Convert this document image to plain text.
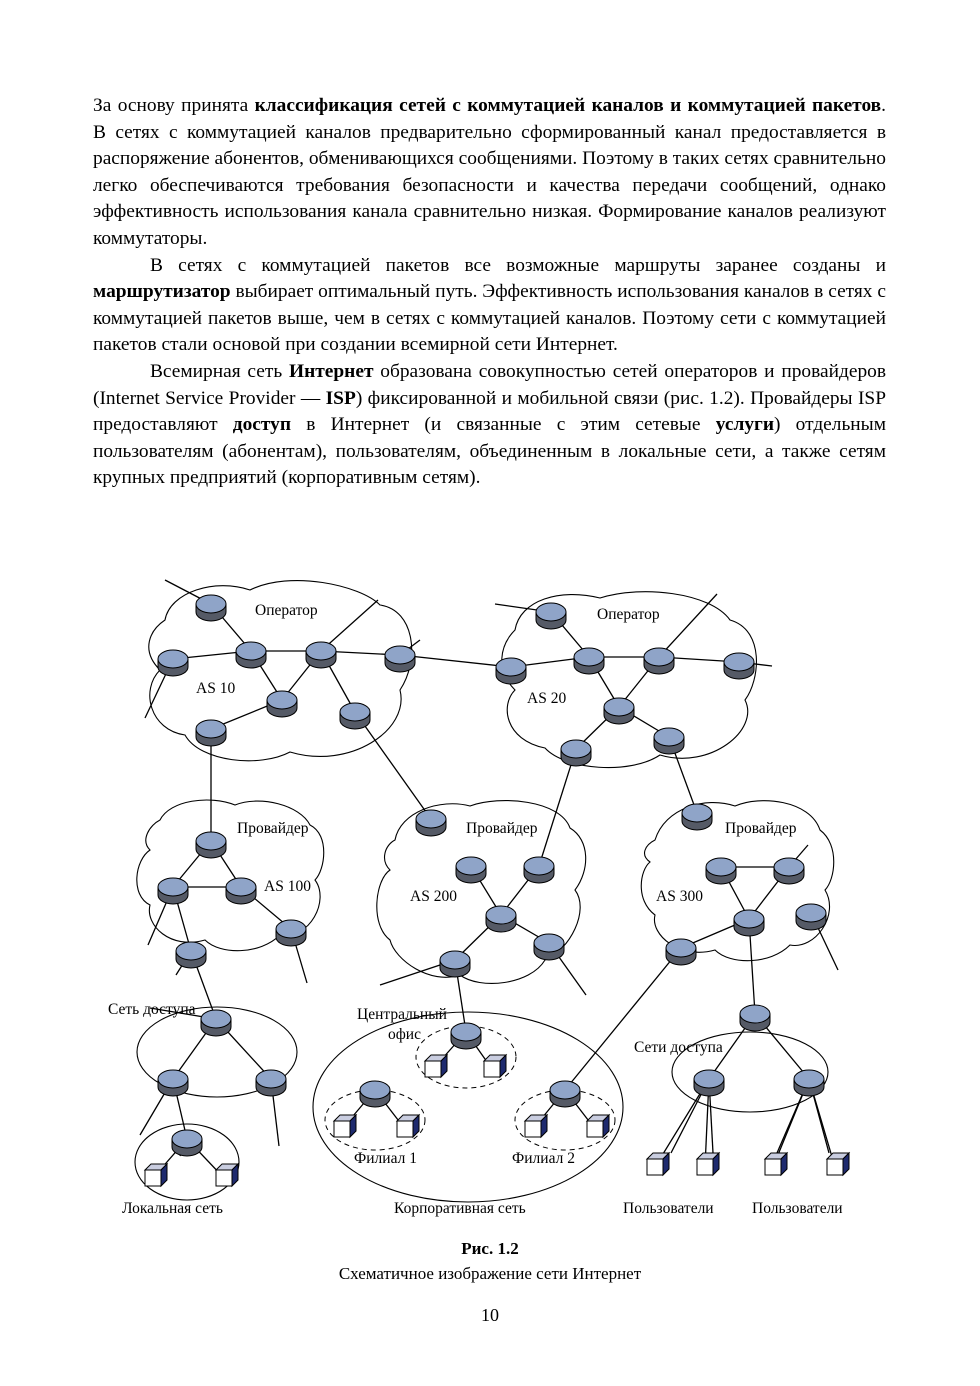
За основу принята классификация сетей с коммутацией каналов и коммутацией пакетов. В сетях с коммутацией каналов предварительно сформированный канал предоставляется в распоряжение абонентов, обменивающихся сообщениями. Поэтому в таких сетях сравнительно легко обеспечиваются требования безопасности и качества передачи сообщений, однако эффективность использования канала сравнительно низкая. Формирование каналов реализуют коммутаторы.

В сетях с коммутацией пакетов все возможные маршруты заранее созданы и маршрутизатор выбирает оптимальный путь. Эффективность использования каналов в сетях с коммутацией пакетов выше, чем в сетях с коммутацией каналов. Поэтому сети с коммутацией пакетов стали основой при создании всемирной сети Интернет.

Всемирная сеть Интернет образована совокупностью сетей операторов и провайдеров (Internet Service Provider — ISP) фиксированной и мобильной связи (рис. 1.2). Провайдеры ISP предоставляют доступ в Интернет (и связанные с этим сетевые услуги) отдельным пользователям (абонентам), пользователям, объединенным в локальные сети, а также сетям крупных предприятий (корпоративным сетям).

Оператор	Оператор
AS 10
AS 20
Провайдер	Провайдер	Провайдер
AS 100
AS 200	AS 300
Сеть доступа	Центральный
офис
Сети доступа
Филиал 1	Филиал 2
Локальная сеть	Корпоративная сеть	Пользователи Пользователи
Рис. 1.2
Схематичное изображение сети Интернет
10
